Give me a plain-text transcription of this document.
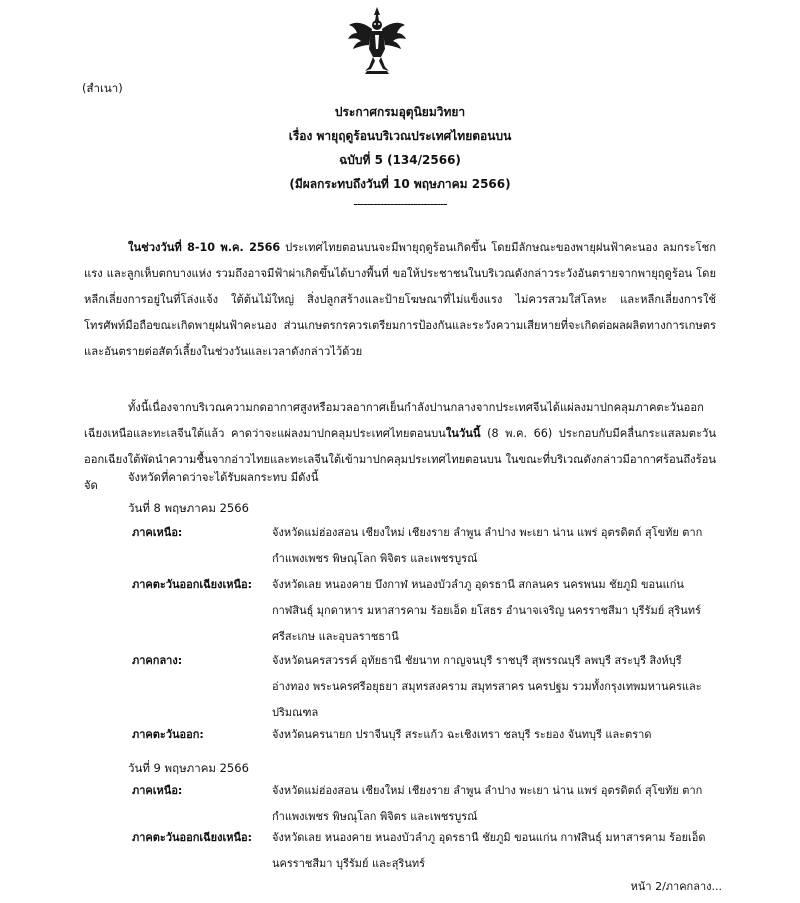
(สำเนา)
ประกาศกรมอุตุนิยมวิทยา
เรื่อง พายุฤดูร้อนบริเวณประเทศไทยตอนบน
ฉบับที่ 5 (134/2566)
(มีผลกระทบถึงวันที่ 10 พฤษภาคม 2566)
----------------------------
ในช่วงวันที่ 8-10 พ.ค. 2566 ประเทศไทยตอนบนจะมีพายุฤดูร้อนเกิดขึ้น โดยมีลักษณะของพายุฝนฟ้าคะนอง ลมกระโชกแรง และลูกเห็บตกบางแห่ง รวมถึงอาจมีฟ้าผ่าเกิดขึ้นได้บางพื้นที่ ขอให้ประชาชนในบริเวณดังกล่าวระวังอันตรายจากพายุฤดูร้อน โดยหลีกเลี่ยงการอยู่ในที่โล่งแจ้ง ใต้ต้นไม้ใหญ่ สิ่งปลูกสร้างและป้ายโฆษณาที่ไม่แข็งแรง ไม่ควรสวมใส่โลหะ และหลีกเลี่ยงการใช้โทรศัพท์มือถือขณะเกิดพายุฝนฟ้าคะนอง ส่วนเกษตรกรควรเตรียมการป้องกันและระวังความเสียหายที่จะเกิดต่อผลผลิตทางการเกษตรและอันตรายต่อสัตว์เลี้ยงในช่วงวันและเวลาดังกล่าวไว้ด้วย
ทั้งนี้เนื่องจากบริเวณความกดอากาศสูงหรือมวลอากาศเย็นกำลังปานกลางจากประเทศจีนได้แผ่ลงมาปกคลุมภาคตะวันออกเฉียงเหนือและทะเลจีนใต้แล้ว คาดว่าจะแผ่ลงมาปกคลุมประเทศไทยตอนบนในวันนี้ (8 พ.ค. 66) ประกอบกับมีคลื่นกระแสลมตะวันออกเฉียงใต้พัดนำความชื้นจากอ่าวไทยและทะเลจีนใต้เข้ามาปกคลุมประเทศไทยตอนบน ในขณะที่บริเวณดังกล่าวมีอากาศร้อนถึงร้อนจัด
จังหวัดที่คาดว่าจะได้รับผลกระทบ มีดังนี้
วันที่ 8 พฤษภาคม 2566
ภาคเหนือ:	จังหวัดแม่ฮ่องสอน เชียงใหม่ เชียงราย ลำพูน ลำปาง พะเยา น่าน แพร่ อุตรดิตถ์ สุโขทัย ตาก กำแพงเพชร พิษณุโลก พิจิตร และเพชรบูรณ์
ภาคตะวันออกเฉียงเหนือ:	จังหวัดเลย หนองคาย บึงกาฬ หนองบัวลำภู อุดรธานี สกลนคร นครพนม ชัยภูมิ ขอนแก่น กาฬสินธุ์ มุกดาหาร มหาสารคาม ร้อยเอ็ด ยโสธร อำนาจเจริญ นครราชสีมา บุรีรัมย์ สุรินทร์ ศรีสะเกษ และอุบลราชธานี
ภาคกลาง:	จังหวัดนครสวรรค์ อุทัยธานี ชัยนาท กาญจนบุรี ราชบุรี สุพรรณบุรี ลพบุรี สระบุรี สิงห์บุรี อ่างทอง พระนครศรีอยุธยา สมุทรสงคราม สมุทรสาคร นครปฐม รวมทั้งกรุงเทพมหานครและปริมณฑล
ภาคตะวันออก:	จังหวัดนครนายก ปราจีนบุรี สระแก้ว ฉะเชิงเทรา ชลบุรี ระยอง จันทบุรี และตราด
วันที่ 9 พฤษภาคม 2566
ภาคเหนือ:	จังหวัดแม่ฮ่องสอน เชียงใหม่ เชียงราย ลำพูน ลำปาง พะเยา น่าน แพร่ อุตรดิตถ์ สุโขทัย ตาก กำแพงเพชร พิษณุโลก พิจิตร และเพชรบูรณ์
ภาคตะวันออกเฉียงเหนือ:	จังหวัดเลย หนองคาย หนองบัวลำภู อุดรธานี ชัยภูมิ ขอนแก่น กาฬสินธุ์ มหาสารคาม ร้อยเอ็ด นครราชสีมา บุรีรัมย์ และสุรินทร์
หน้า 2/ภาคกลาง...
